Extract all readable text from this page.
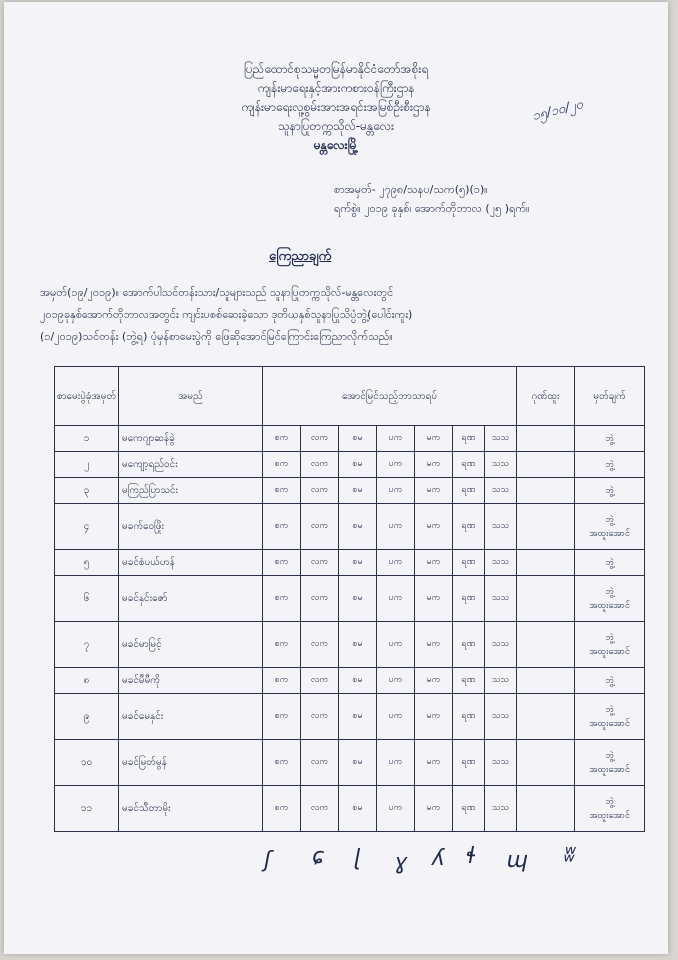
ပြည်ထောင်စုသမ္မတမြန်မာနိုင်ငံတော်အစိုးရ
ကျန်းမာရေးနှင့်အားကစားဝန်ကြီးဌာန
ကျန်းမာရေးလူ့စွမ်းအားအရင်းအမြစ်ဦးစီးဌာန
သူနာပြုတက္ကသိုလ်-မန္တလေး
မန္တလေးမြို့
၁၅/၁၀/၂၀
စာအမှတ်- ၂၇၉၈/သနပ/သက(၅)(၁)။
ရက်စွဲ။ ၂၀၁၉ ခုနှစ်၊ အောက်တိုဘာလ (၂၅ )ရက်။
ကြေညာချက်
အမှတ်(၁၉/၂၀၁၉)။ အောက်ပါသင်တန်းသား/သူများသည် သူနာပြုတက္ကသိုလ်-မန္တလေးတွင်
၂၀၁၉ခုနှစ်အောက်တိုဘာလအတွင်း ကျင်းပစစ်ဆေးခဲ့သော ဒုတိယနှစ်သူနာပြုသိပ္ပံဘွဲ့(ပေါင်းကူး)
(၁/၂၀၁၉)သင်တန်း (ဘွဲ့ရ) ပုံမှန်စာမေးပွဲကို ဖြေဆိုအောင်မြင်ကြောင်းကြေညာလိုက်သည်။
စာမေးပွဲခုံအမှတ်	အမည်	အောင်မြင်သည့်ဘာသာရပ်							ဂုဏ်ထူး	မှတ်ချက်
၁	မကေဂျာဆန်ခွဲ	စက	လက	စမ	ပက	မက	ရဏ	သသ		ဘွဲ့

၂	မကျော့ရည်ဝင်း	စက	လက	စမ	ပက	မက	ရဏ	သသ		ဘွဲ့

၃	မကြည်ပြာသင်း	စက	လက	စမ	ပက	မက	ရဏ	သသ		ဘွဲ့

၄	မခက်ဝေဖြိုး	စက	လက	စမ	ပက	မက	ရဏ	သသ		ဘွဲ့
အထူးအောင်

၅	မခင်စံပယ်ဟန်	စက	လက	စမ	ပက	မက	ရဏ	သသ		ဘွဲ့

၆	မခင်နှင်းဇော်	စက	လက	စမ	ပက	မက	ရဏ	သသ		ဘွဲ့
အထူးအောင်

၇	မခင်မာမြင့်	စက	လက	စမ	ပက	မက	ရဏ	သသ		ဘွဲ့
အထူးအောင်

၈	မခင်မီမီကို	စက	လက	စမ	ပက	မက	ရဏ	သသ		ဘွဲ့

၉	မခင်မေနှင်း	စက	လက	စမ	ပက	မက	ရဏ	သသ		ဘွဲ့
အထူးအောင်

၁၀	မခင်မြတ်မွန်	စက	လက	စမ	ပက	မက	ရဏ	သသ		ဘွဲ့
အထူးအောင်

၁၁	မခင်သီတာမိုး	စက	လက	စမ	ပက	မက	ရဏ	သသ		ဘွဲ့
အထူးအောင်
ʃ ɕ ɭ ɣ ʎ ɬ ɰ ʬ
